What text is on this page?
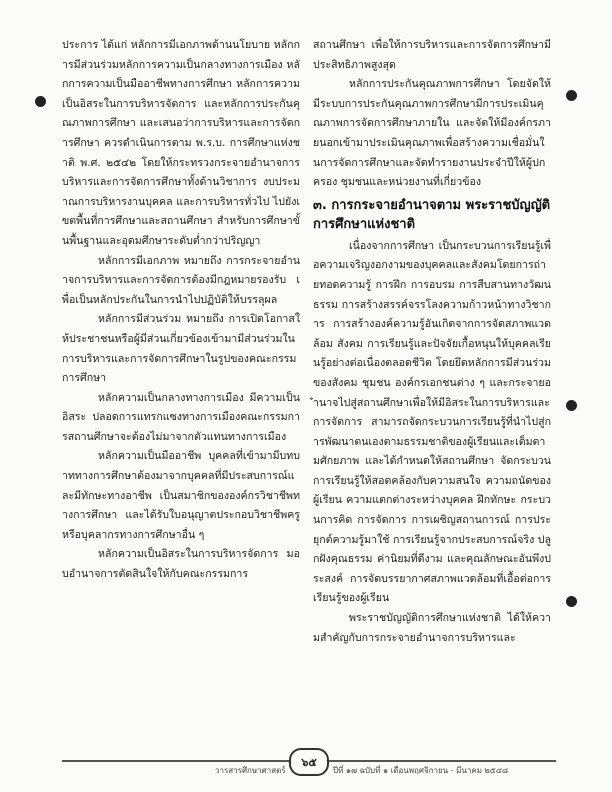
ประการ ได้แก่ หลักการมีเอกภาพด้านนโยบาย หลักการมีส่วนร่วมหลักการความเป็นกลางทางการเมือง หลักการความเป็นมืออาชีพทางการศึกษา หลักการความเป็นอิสระในการบริหารจัดการ และหลักการประกันคุณภาพการศึกษา และเสนอว่าการบริหารและการจัดการศึกษา ควรดำเนินการตาม พ.ร.บ. การศึกษาแห่งชาติ พ.ศ. ๒๕๔๒ โดยให้กระทรวงกระจายอำนาจการบริหารและการจัดการศึกษาทั้งด้านวิชาการ งบประมาณการบริหารงานบุคคล และการบริหารทั่วไป ไปยังเขตพื้นที่การศึกษาและสถานศึกษา สำหรับการศึกษาขั้นพื้นฐานและอุดมศึกษาระดับต่ำกว่าปริญญา

หลักการมีเอกภาพ หมายถึง การกระจายอำนาจการบริหารและการจัดการต้องมีกฎหมายรองรับ เพื่อเป็นหลักประกันในการนำไปปฏิบัติให้บรรลุผล

หลักการมีส่วนร่วม หมายถึง การเปิดโอกาสให้ประชาชนหรือผู้มีส่วนเกี่ยวข้องเข้ามามีส่วนร่วมในการบริหารและการจัดการศึกษาในรูปของคณะกรรมการศึกษา

หลักความเป็นกลางทางการเมือง มีความเป็นอิสระ ปลอดการแทรกแซงทางการเมืองคณะกรรมการสถานศึกษาจะต้องไม่มาจากตัวแทนทางการเมือง

หลักความเป็นมืออาชีพ บุคคลที่เข้ามามีบทบาททางการศึกษาต้องมาจากบุคคลที่มีประสบการณ์และมีทักษะทางอาชีพ เป็นสมาชิกขององค์กรวิชาชีพทางการศึกษา และได้รับใบอนุญาตประกอบวิชาชีพครู หรือบุคลากรทางการศึกษาอื่น ๆ

หลักความเป็นอิสระในการบริหารจัดการ มอบอำนาจการตัดสินใจให้กับคณะกรรมการ

สถานศึกษา เพื่อให้การบริหารและการจัดการศึกษามีประสิทธิภาพสูงสุด

หลักการประกันคุณภาพการศึกษา โดยจัดให้มีระบบการประกันคุณภาพการศึกษามีการประเมินคุณภาพการจัดการศึกษาภายใน และจัดให้มีองค์กรภายนอกเข้ามาประเมินคุณภาพเพื่อสร้างความเชื่อมั่นในการจัดการศึกษาและจัดทำรายงานประจำปีให้ผู้ปกครอง ชุมชนและหน่วยงานที่เกี่ยวข้อง

๓. การกระจายอำนาจตาม พระราชบัญญัติการศึกษาแห่งชาติ

เนื่องจากการศึกษา เป็นกระบวนการเรียนรู้เพื่อความเจริญงอกงามของบุคคลและสังคมโดยการถ่ายทอดความรู้ การฝึก การอบรม การสืบสานทางวัฒนธรรม การสร้างสรรค์จรรโลงความก้าวหน้าทางวิชาการ การสร้างองค์ความรู้อันเกิดจากการจัดสภาพแวดล้อม สังคม การเรียนรู้และปัจจัยเกื้อหนุนให้บุคคลเรียนรู้อย่างต่อเนื่องตลอดชีวิต โดยยึดหลักการมีส่วนร่วมของสังคม ชุมชน องค์กรเอกชนต่าง ๆ และกระจายอำนาจไปสู่สถานศึกษาเพื่อให้มีอิสระในการบริหารและการจัดการ สามารถจัดกระบวนการเรียนรู้ที่นำไปสู่การพัฒนาตนเองตามธรรมชาติของผู้เรียนและเต็มตามศักยภาพ และได้กำหนดให้สถานศึกษา จัดกระบวนการเรียนรู้ให้สอดคล้องกับความสนใจ ความถนัดของผู้เรียน ความแตกต่างระหว่างบุคคล ฝึกทักษะ กระบวนการคิด การจัดการ การเผชิญสถานการณ์ การประยุกต์ความรู้มาใช้ การเรียนรู้จากประสบการณ์จริง ปลูกฝังคุณธรรม ค่านิยมที่ดีงาม และคุณลักษณะอันพึงประสงค์ การจัดบรรยากาศสภาพแวดล้อมที่เอื้อต่อการเรียนรู้ของผู้เรียน

พระราชบัญญัติการศึกษาแห่งชาติ ได้ให้ความสำคัญกับการกระจายอำนาจการบริหารและ

วารสารศึกษาศาสตร์
๖๕
ปีที่ ๑๗ ฉบับที่ ๑ เดือนพฤศจิกายน - มีนาคม ๒๕๔๘
